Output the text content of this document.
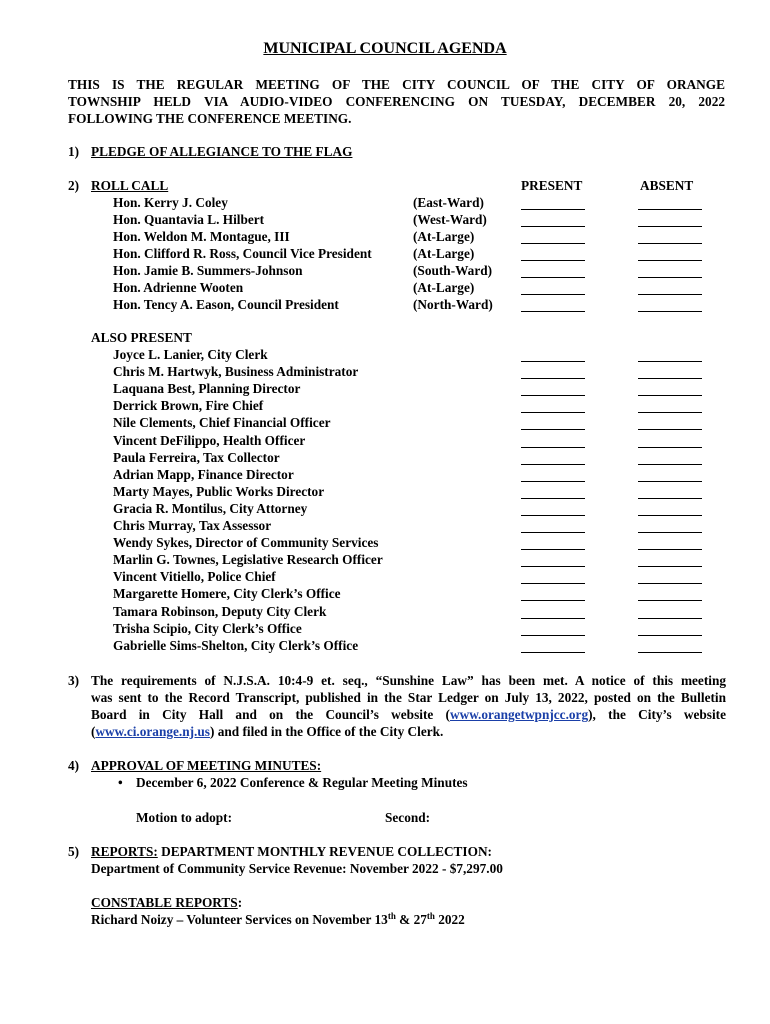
MUNICIPAL COUNCIL AGENDA
THIS IS THE REGULAR MEETING OF THE CITY COUNCIL OF THE CITY OF ORANGE
TOWNSHIP HELD VIA AUDIO-VIDEO CONFERENCING ON TUESDAY, DECEMBER 20, 2022
FOLLOWING THE CONFERENCE MEETING.
1) PLEDGE OF ALLEGIANCE TO THE FLAG
2) ROLL CALL	PRESENT	ABSENT
Hon. Kerry J. Coley	(East-Ward)
Hon. Quantavia L. Hilbert	(West-Ward)
Hon. Weldon M. Montague, III	(At-Large)
Hon. Clifford R. Ross, Council Vice President	(At-Large)
Hon. Jamie B. Summers-Johnson	(South-Ward)
Hon. Adrienne Wooten	(At-Large)
Hon. Tency A. Eason, Council President	(North-Ward)
ALSO PRESENT
Joyce L. Lanier, City Clerk
Chris M. Hartwyk, Business Administrator
Laquana Best, Planning Director
Derrick Brown, Fire Chief
Nile Clements, Chief Financial Officer
Vincent DeFilippo, Health Officer
Paula Ferreira, Tax Collector
Adrian Mapp, Finance Director
Marty Mayes, Public Works Director
Gracia R. Montilus, City Attorney
Chris Murray, Tax Assessor
Wendy Sykes, Director of Community Services
Marlin G. Townes, Legislative Research Officer
Vincent Vitiello, Police Chief
Margarette Homere, City Clerk’s Office
Tamara Robinson, Deputy City Clerk
Trisha Scipio, City Clerk’s Office
Gabrielle Sims-Shelton, City Clerk’s Office
3) The requirements of N.J.S.A. 10:4-9 et. seq., “Sunshine Law” has been met. A notice of this meeting
was sent to the Record Transcript, published in the Star Ledger on July 13, 2022, posted on the Bulletin
Board in City Hall and on the Council’s website (www.orangetwpnjcc.org), the City’s website
(www.ci.orange.nj.us) and filed in the Office of the City Clerk.
4) APPROVAL OF MEETING MINUTES:
• December 6, 2022 Conference & Regular Meeting Minutes
Motion to adopt:	Second:
5) REPORTS: DEPARTMENT MONTHLY REVENUE COLLECTION:
Department of Community Service Revenue: November 2022 - $7,297.00
CONSTABLE REPORTS:
Richard Noizy – Volunteer Services on November 13th & 27th 2022
